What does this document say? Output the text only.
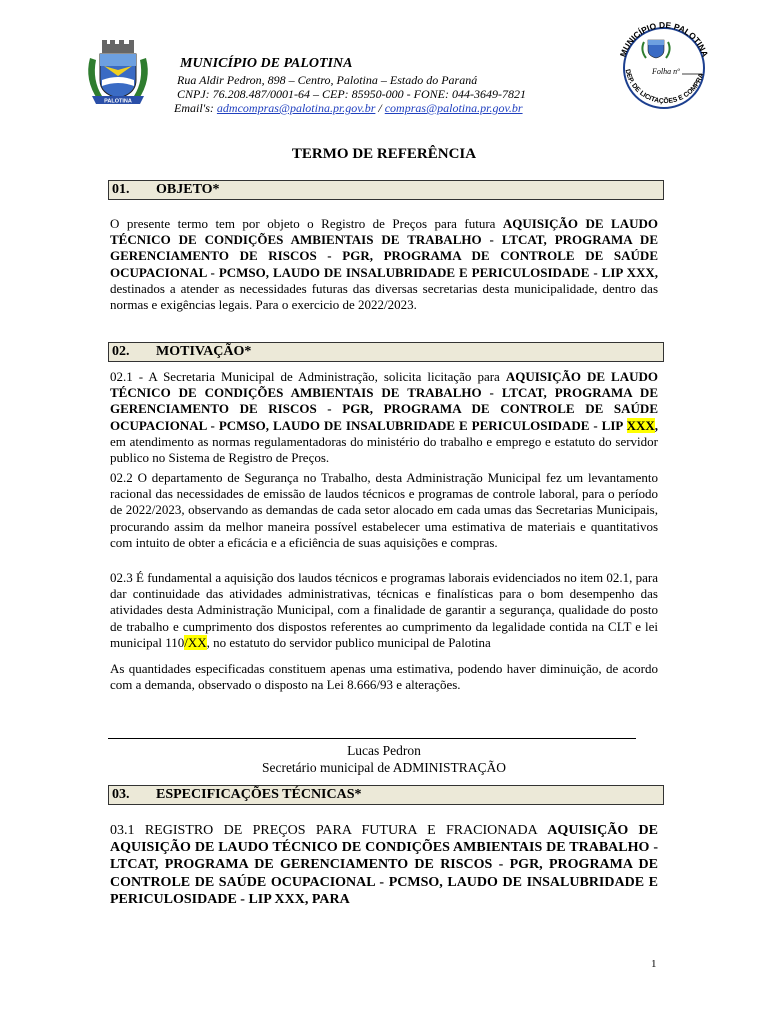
PALOTINA
MUNICÍPIO DE PALOTINA
Rua Aldir Pedron, 898 – Centro, Palotina – Estado do Paraná
CNPJ: 76.208.487/0001-64 – CEP: 85950-000 - FONE: 044-3649-7821
Email's: admcompras@palotina.pr.gov.br / compras@palotina.pr.gov.br
MUNICÍPIO DE PALOTINA
DEP. DE LICITAÇÕES E COMPRA
Folha nº
TERMO DE REFERÊNCIA
01. OBJETO*
O presente termo tem por objeto o Registro de Preços para futura AQUISIÇÃO DE LAUDO TÉCNICO DE CONDIÇÕES AMBIENTAIS DE TRABALHO - LTCAT, PROGRAMA DE GERENCIAMENTO DE RISCOS - PGR, PROGRAMA DE CONTROLE DE SAÚDE OCUPACIONAL - PCMSO, LAUDO DE INSALUBRIDADE E PERICULOSIDADE - LIP XXX, destinados a atender as necessidades futuras das diversas secretarias desta municipalidade, dentro das normas e exigências legais. Para o exercicio de 2022/2023.
02. MOTIVAÇÃO*
02.1 - A Secretaria Municipal de Administração, solicita licitação para AQUISIÇÃO DE LAUDO TÉCNICO DE CONDIÇÕES AMBIENTAIS DE TRABALHO - LTCAT, PROGRAMA DE GERENCIAMENTO DE RISCOS - PGR, PROGRAMA DE CONTROLE DE SAÚDE OCUPACIONAL - PCMSO, LAUDO DE INSALUBRIDADE E PERICULOSIDADE - LIP XXX, em atendimento as normas regulamentadoras do ministério do trabalho e emprego e estatuto do servidor publico no Sistema de Registro de Preços.
02.2 O departamento de Segurança no Trabalho, desta Administração Municipal fez um levantamento racional das necessidades de emissão de laudos técnicos e programas de controle laboral, para o período de 2022/2023, observando as demandas de cada setor alocado em cada umas das Secretarias Municipais, procurando assim da melhor maneira possível estabelecer uma estimativa de materiais e quantitativos com intuito de obter a eficácia e a eficiência de suas aquisições e compras.
02.3 É fundamental a aquisição dos laudos técnicos e programas laborais evidenciados no item 02.1, para dar continuidade das atividades administrativas, técnicas e finalísticas para o bom desempenho das atividades desta Administração Municipal, com a finalidade de garantir a segurança, qualidade do posto de trabalho e cumprimento dos dispostos referentes ao cumprimento da legalidade contida na CLT e lei municipal 110/XX, no estatuto do servidor publico municipal de Palotina
As quantidades especificadas constituem apenas uma estimativa, podendo haver diminuição, de acordo com a demanda, observado o disposto na Lei 8.666/93 e alterações.
Lucas Pedron
Secretário municipal de ADMINISTRAÇÃO
03. ESPECIFICAÇÕES TÉCNICAS*
03.1 REGISTRO DE PREÇOS PARA FUTURA E FRACIONADA AQUISIÇÃO DE AQUISIÇÃO DE LAUDO TÉCNICO DE CONDIÇÕES AMBIENTAIS DE TRABALHO - LTCAT, PROGRAMA DE GERENCIAMENTO DE RISCOS - PGR, PROGRAMA DE CONTROLE DE SAÚDE OCUPACIONAL - PCMSO, LAUDO DE INSALUBRIDADE E PERICULOSIDADE - LIP XXX, PARA
1
